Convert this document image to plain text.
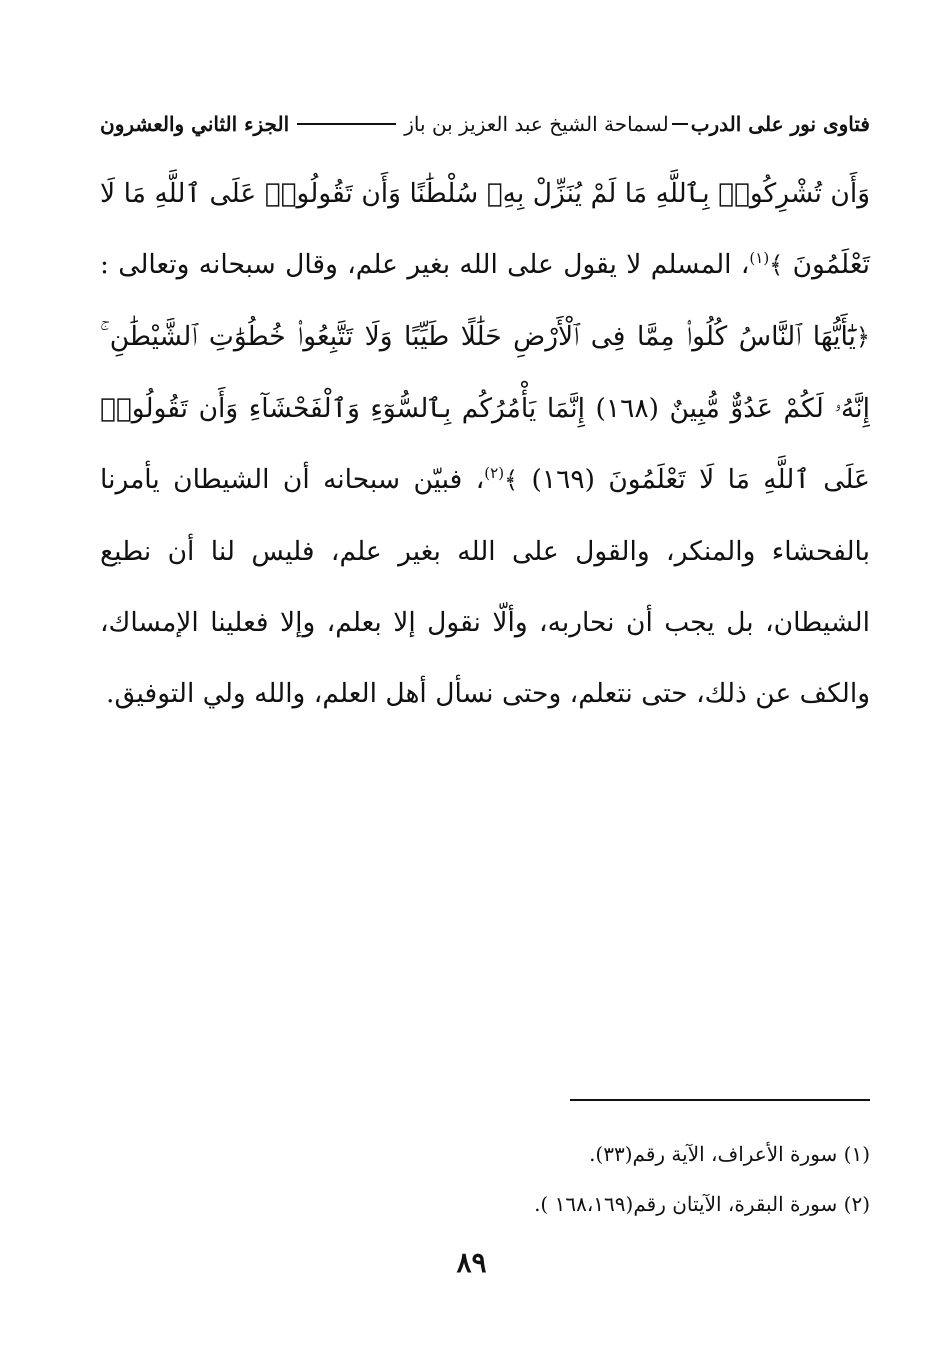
فتاوى نور على الدرب
لسماحة الشيخ عبد العزيز بن باز
الجزء الثاني والعشرون

وَأَن تُشْرِكُوا۟ بِٱللَّهِ مَا لَمْ يُنَزِّلْ بِهِۦ سُلْطَٰنًا وَأَن تَقُولُوا۟ عَلَى ٱللَّهِ مَا لَا تَعْلَمُونَ ﴾$^{(١)}$، المسلم لا يقول على الله بغير علم، وقال سبحانه وتعالى : ﴿يَٰٓأَيُّهَا ٱلنَّاسُ كُلُوا۟ مِمَّا فِى ٱلْأَرْضِ حَلَٰلًا طَيِّبًا وَلَا تَتَّبِعُوا۟ خُطُوَٰتِ ٱلشَّيْطَٰنِ ۚ إِنَّهُۥ لَكُمْ عَدُوٌّ مُّبِينٌ (١٦٨) إِنَّمَا يَأْمُرُكُم بِٱلسُّوٓءِ وَٱلْفَحْشَآءِ وَأَن تَقُولُوا۟ عَلَى ٱللَّهِ مَا لَا تَعْلَمُونَ (١٦٩) ﴾$^{(٢)}$، فبيّن سبحانه أن الشيطان يأمرنا بالفحشاء والمنكر، والقول على الله بغير علم، فليس لنا أن نطيع الشيطان، بل يجب أن نحاربه، وألّا نقول إلا بعلم، وإلا فعلينا الإمساك، والكف عن ذلك، حتى نتعلم، وحتى نسأل أهل العلم، والله ولي التوفيق.

(١) سورة الأعراف، الآية رقم(٣٣).
(٢) سورة البقرة، الآيتان رقم(١٦٨،١٦٩ ).
٨٩
